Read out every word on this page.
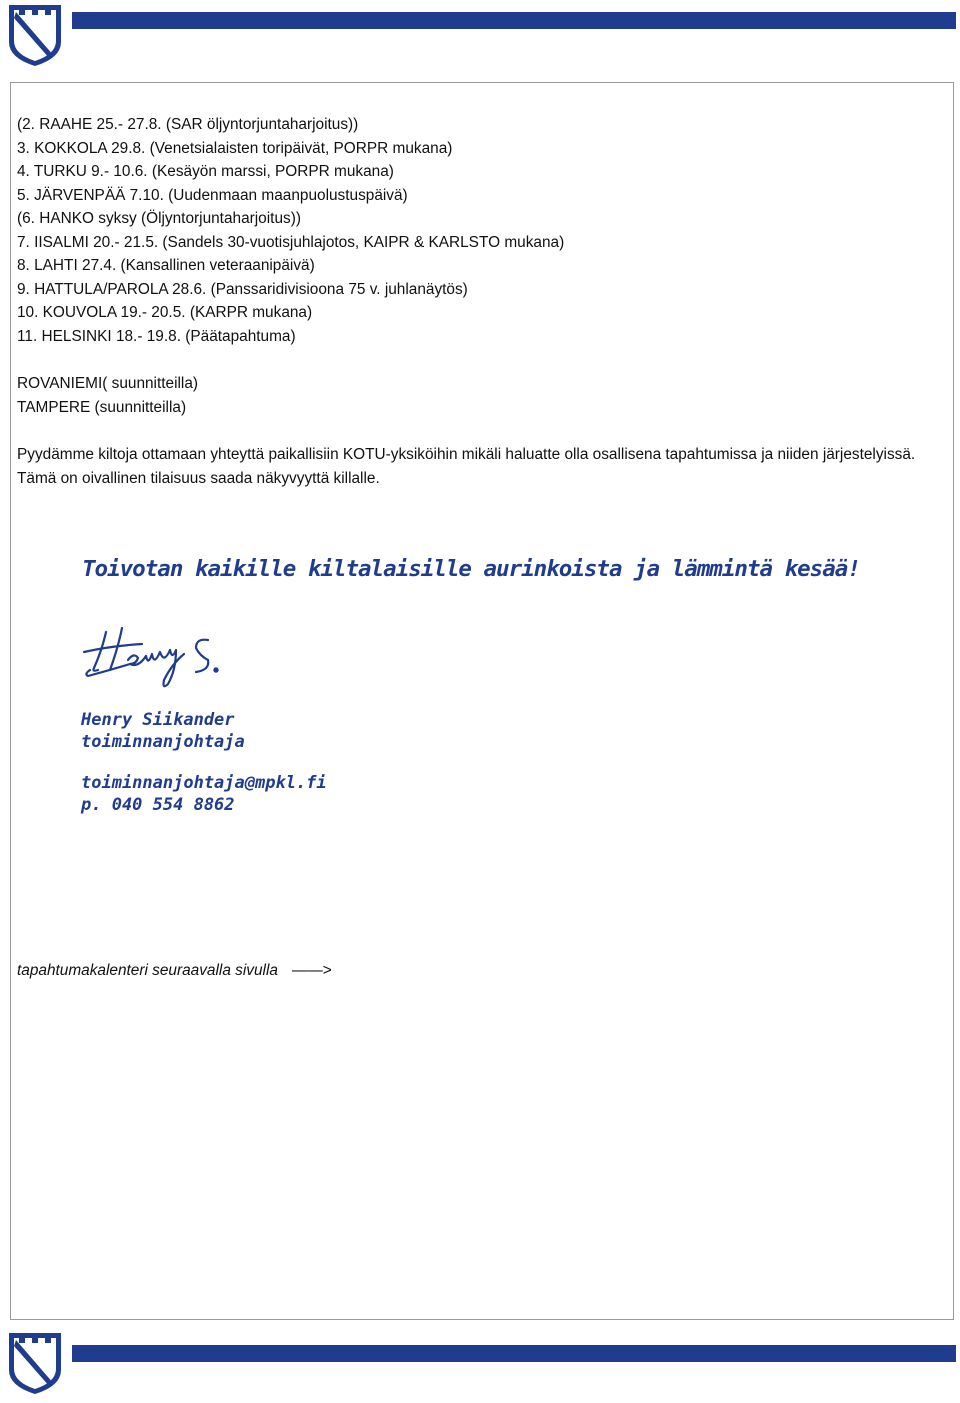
(2. RAAHE 25.- 27.8. (SAR öljyntorjuntaharjoitus))
3. KOKKOLA 29.8. (Venetsialaisten toripäivät, PORPR mukana)
4. TURKU 9.- 10.6. (Kesäyön marssi, PORPR mukana)
5. JÄRVENPÄÄ 7.10. (Uudenmaan maanpuolustuspäivä)
(6. HANKO syksy (Öljyntorjuntaharjoitus))
7. IISALMI 20.- 21.5. (Sandels 30-vuotisjuhlajotos, KAIPR & KARLSTO mukana)
8. LAHTI 27.4. (Kansallinen veteraanipäivä)
9. HATTULA/PAROLA 28.6. (Panssaridivisioona 75 v. juhlanäytös)
10. KOUVOLA 19.- 20.5. (KARPR mukana)
11. HELSINKI 18.- 19.8. (Päätapahtuma)
ROVANIEMI( suunnitteilla)
TAMPERE (suunnitteilla)
Pyydämme kiltoja ottamaan yhteyttä paikallisiin KOTU-yksiköihin mikäli haluatte olla osallisena tapahtumissa ja niiden järjestelyissä. Tämä on oivallinen tilaisuus saada näkyvyyttä killalle.
Toivotan kaikille kiltalaisille aurinkoista ja lämmintä kesää!
Henry Siikander
toiminnanjohtaja
toiminnanjohtaja@mpkl.fi
p. 040 554 8862
tapahtumakalenteri seuraavalla sivulla ——>
